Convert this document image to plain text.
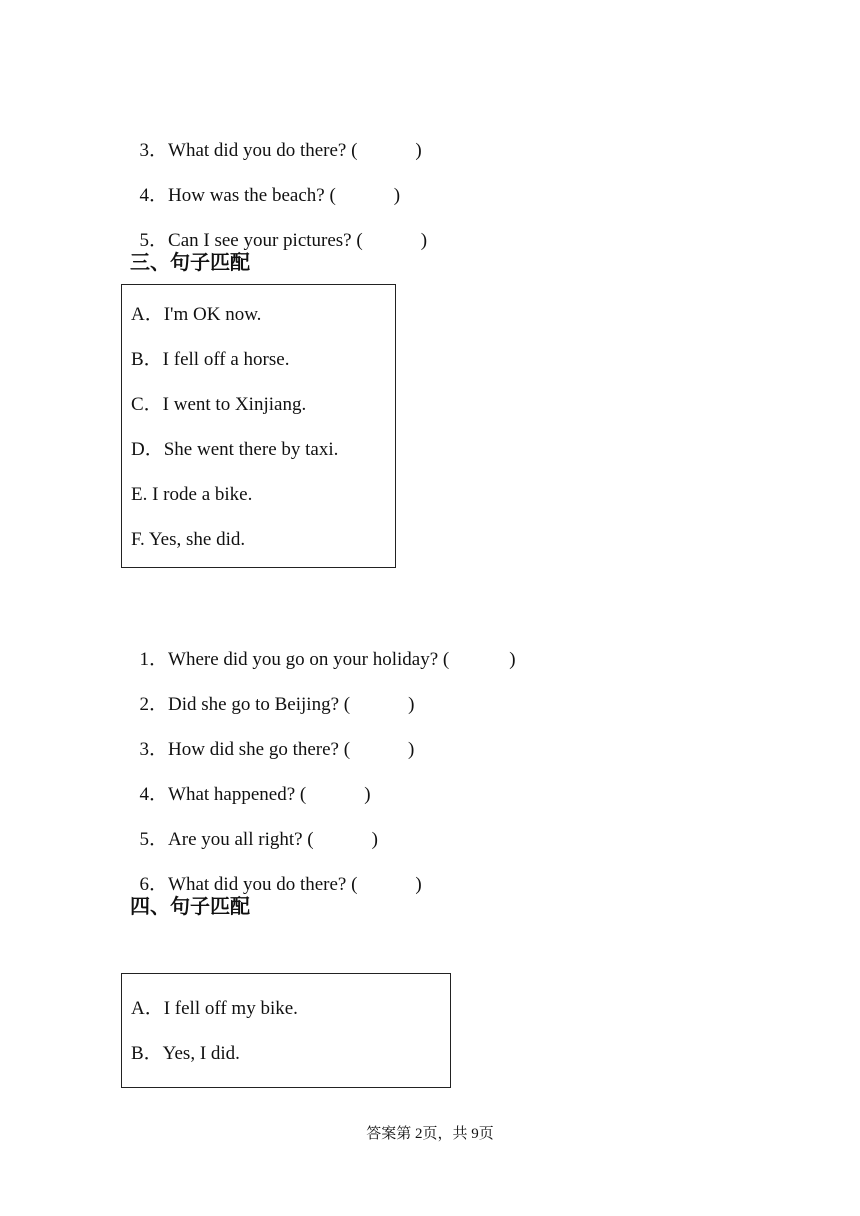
3．What did you do there? (	)

4．How was the beach? (	)

5．Can I see your pictures? (	)

三、句子匹配
A．I'm OK now.
B．I fell off a horse.
C．I went to Xinjiang.
D．She went there by taxi.
E. I rode a bike.
F. Yes, she did.

1．Where did you go on your holiday? (	)

2．Did she go to Beijing? (	)

3．How did she go there? (	)

4．What happened? (	)

5．Are you all right? (	)

6．What did you do there? (	)

四、句子匹配
A．I fell off my bike.
B．Yes, I did.
答案第 2页，共 9页
